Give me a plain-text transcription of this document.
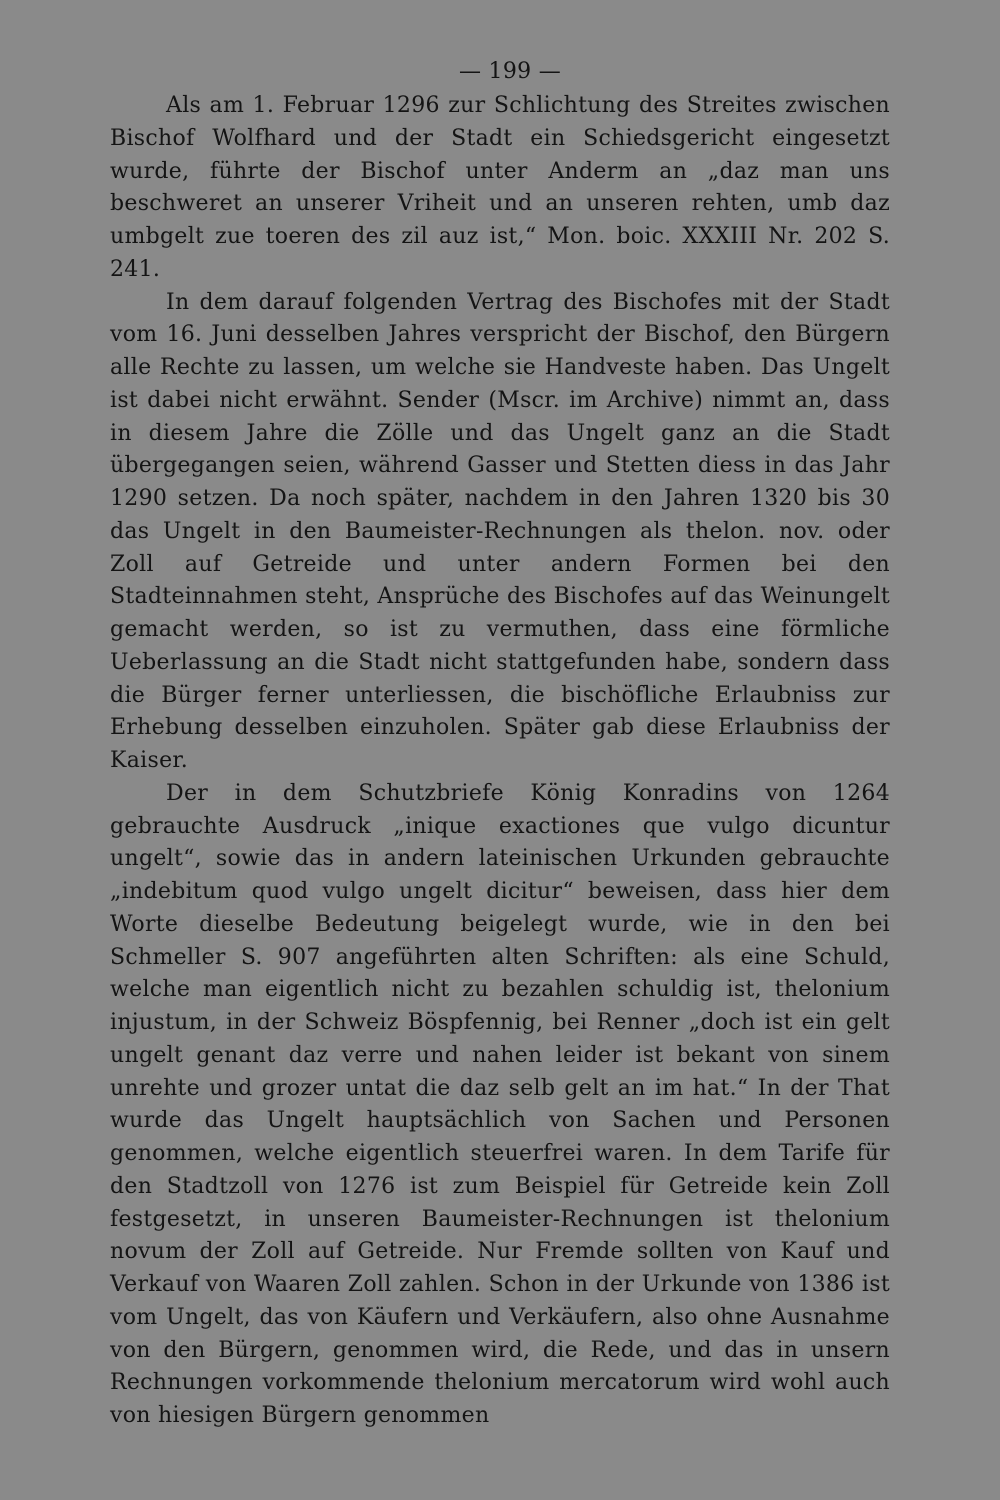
— 199 —

Als am 1. Februar 1296 zur Schlichtung des Streites zwischen Bischof Wolfhard und der Stadt ein Schiedsgericht eingesetzt wurde, führte der Bischof unter Anderm an „daz man uns beschweret an unserer Vriheit und an unseren rehten, umb daz umbgelt zue toeren des zil auz ist,“ Mon. boic. XXXIII Nr. 202 S. 241.

In dem darauf folgenden Vertrag des Bischofes mit der Stadt vom 16. Juni desselben Jahres verspricht der Bischof, den Bürgern alle Rechte zu lassen, um welche sie Handveste haben. Das Ungelt ist dabei nicht erwähnt. Sender (Mscr. im Archive) nimmt an, dass in diesem Jahre die Zölle und das Ungelt ganz an die Stadt übergegangen seien, während Gasser und Stetten diess in das Jahr 1290 setzen. Da noch später, nachdem in den Jahren 1320 bis 30 das Ungelt in den Baumeister-Rechnungen als thelon. nov. oder Zoll auf Getreide und unter andern Formen bei den Stadteinnahmen steht, Ansprüche des Bischofes auf das Weinungelt gemacht werden, so ist zu vermuthen, dass eine förmliche Ueberlassung an die Stadt nicht stattgefunden habe, sondern dass die Bürger ferner unterliessen, die bischöfliche Erlaubniss zur Erhebung desselben einzuholen. Später gab diese Erlaubniss der Kaiser.

Der in dem Schutzbriefe König Konradins von 1264 gebrauchte Ausdruck „inique exactiones que vulgo dicuntur ungelt“, sowie das in andern lateinischen Urkunden gebrauchte „indebitum quod vulgo ungelt dicitur“ beweisen, dass hier dem Worte dieselbe Bedeutung beigelegt wurde, wie in den bei Schmeller S. 907 angeführten alten Schriften: als eine Schuld, welche man eigentlich nicht zu bezahlen schuldig ist, thelonium injustum, in der Schweiz Böspfennig, bei Renner „doch ist ein gelt ungelt genant daz verre und nahen leider ist bekant von sinem unrehte und grozer untat die daz selb gelt an im hat.“ In der That wurde das Ungelt hauptsächlich von Sachen und Personen genommen, welche eigentlich steuerfrei waren. In dem Tarife für den Stadtzoll von 1276 ist zum Beispiel für Getreide kein Zoll festgesetzt, in unseren Baumeister-Rechnungen ist thelonium novum der Zoll auf Getreide. Nur Fremde sollten von Kauf und Verkauf von Waaren Zoll zahlen. Schon in der Urkunde von 1386 ist vom Ungelt, das von Käufern und Verkäufern, also ohne Ausnahme von den Bürgern, genommen wird, die Rede, und das in unsern Rechnungen vorkommende thelonium mercatorum wird wohl auch von hiesigen Bürgern genommen
